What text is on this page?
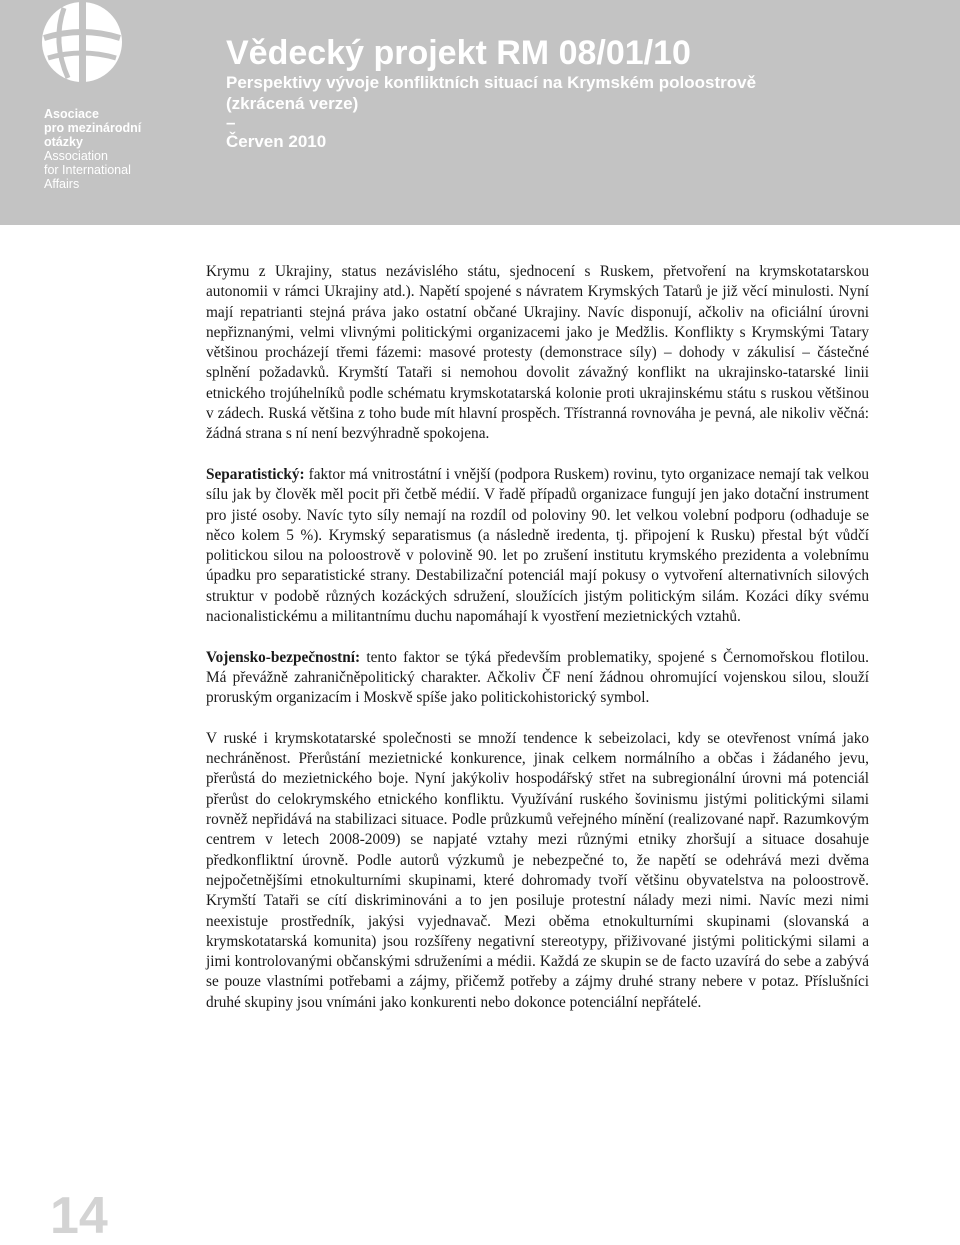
Asociace
pro mezinárodní
otázky
Association
for International
Affairs
Vědecký projekt RM 08/01/10
Perspektivy vývoje konfliktních situací na Krymském poloostrově
(zkrácená verze)
–
Červen 2010

Krymu z Ukrajiny, status nezávislého státu, sjednocení s Ruskem, přetvoření na krymskotatarskou autonomii v rámci Ukrajiny atd.). Napětí spojené s návratem Krymských Tatarů je již věcí minulosti. Nyní mají repatrianti stejná práva jako ostatní občané Ukrajiny. Navíc disponují, ačkoliv na oficiální úrovni nepřiznanými, velmi vlivnými politickými organizacemi jako je Medžlis. Konflikty s Krymskými Tatary většinou procházejí třemi fázemi: masové protesty (demonstrace síly) – dohody v zákulisí – částečné splnění požadavků. Krymští Tataři si nemohou dovolit závažný konflikt na ukrajinsko-tatarské linii etnického trojúhelníků podle schématu krymskotatarská kolonie proti ukrajinskému státu s ruskou většinou v zádech. Ruská většina z toho bude mít hlavní prospěch. Třístranná rovnováha je pevná, ale nikoliv věčná: žádná strana s ní není bezvýhradně spokojena.

Separatistický: faktor má vnitrostátní i vnější (podpora Ruskem) rovinu, tyto organizace nemají tak velkou sílu jak by člověk měl pocit při četbě médií. V řadě případů organizace fungují jen jako dotační instrument pro jisté osoby. Navíc tyto síly nemají na rozdíl od poloviny 90. let velkou volební podporu (odhaduje se něco kolem 5 %). Krymský separatismus (a následně iredenta, tj. připojení k Rusku) přestal být vůdčí politickou silou na poloostrově v polovině 90. let po zrušení institutu krymského prezidenta a volebnímu úpadku pro separatistické strany. Destabilizační potenciál mají pokusy o vytvoření alternativních silových struktur v podobě různých kozáckých sdružení, sloužících jistým politickým silám. Kozáci díky svému nacionalistickému a militantnímu duchu napomáhají k vyostření mezietnických vztahů.

Vojensko-bezpečnostní: tento faktor se týká především problematiky, spojené s Černomořskou flotilou. Má převážně zahraničněpolitický charakter. Ačkoliv ČF není žádnou ohromující vojenskou silou, slouží proruským organizacím i Moskvě spíše jako politickohistorický symbol.

V ruské i krymskotatarské společnosti se množí tendence k sebeizolaci, kdy se otevřenost vnímá jako nechráněnost. Přerůstání mezietnické konkurence, jinak celkem normálního a občas i žádaného jevu, přerůstá do mezietnického boje. Nyní jakýkoliv hospodářský střet na subregionální úrovni má potenciál přerůst do celokrymského etnického konfliktu. Využívání ruského šovinismu jistými politickými silami rovněž nepřidává na stabilizaci situace. Podle průzkumů veřejného mínění (realizované např. Razumkovým centrem v letech 2008-2009) se napjaté vztahy mezi různými etniky zhoršují a situace dosahuje předkonfliktní úrovně. Podle autorů výzkumů je nebezpečné to, že napětí se odehrává mezi dvěma nejpočetnějšími etnokulturními skupinami, které dohromady tvoří většinu obyvatelstva na poloostrově. Krymští Tataři se cítí diskriminováni a to jen posiluje protestní nálady mezi nimi. Navíc mezi nimi neexistuje prostředník, jakýsi vyjednavač. Mezi oběma etnokulturními skupinami (slovanská a krymskotatarská komunita) jsou rozšířeny negativní stereotypy, přiživované jistými politickými silami a jimi kontrolovanými občanskými sdruženími a médii. Každá ze skupin se de facto uzavírá do sebe a zabývá se pouze vlastními potřebami a zájmy, přičemž potřeby a zájmy druhé strany nebere v potaz. Příslušníci druhé skupiny jsou vnímáni jako konkurenti nebo dokonce potenciální nepřátelé.

14
